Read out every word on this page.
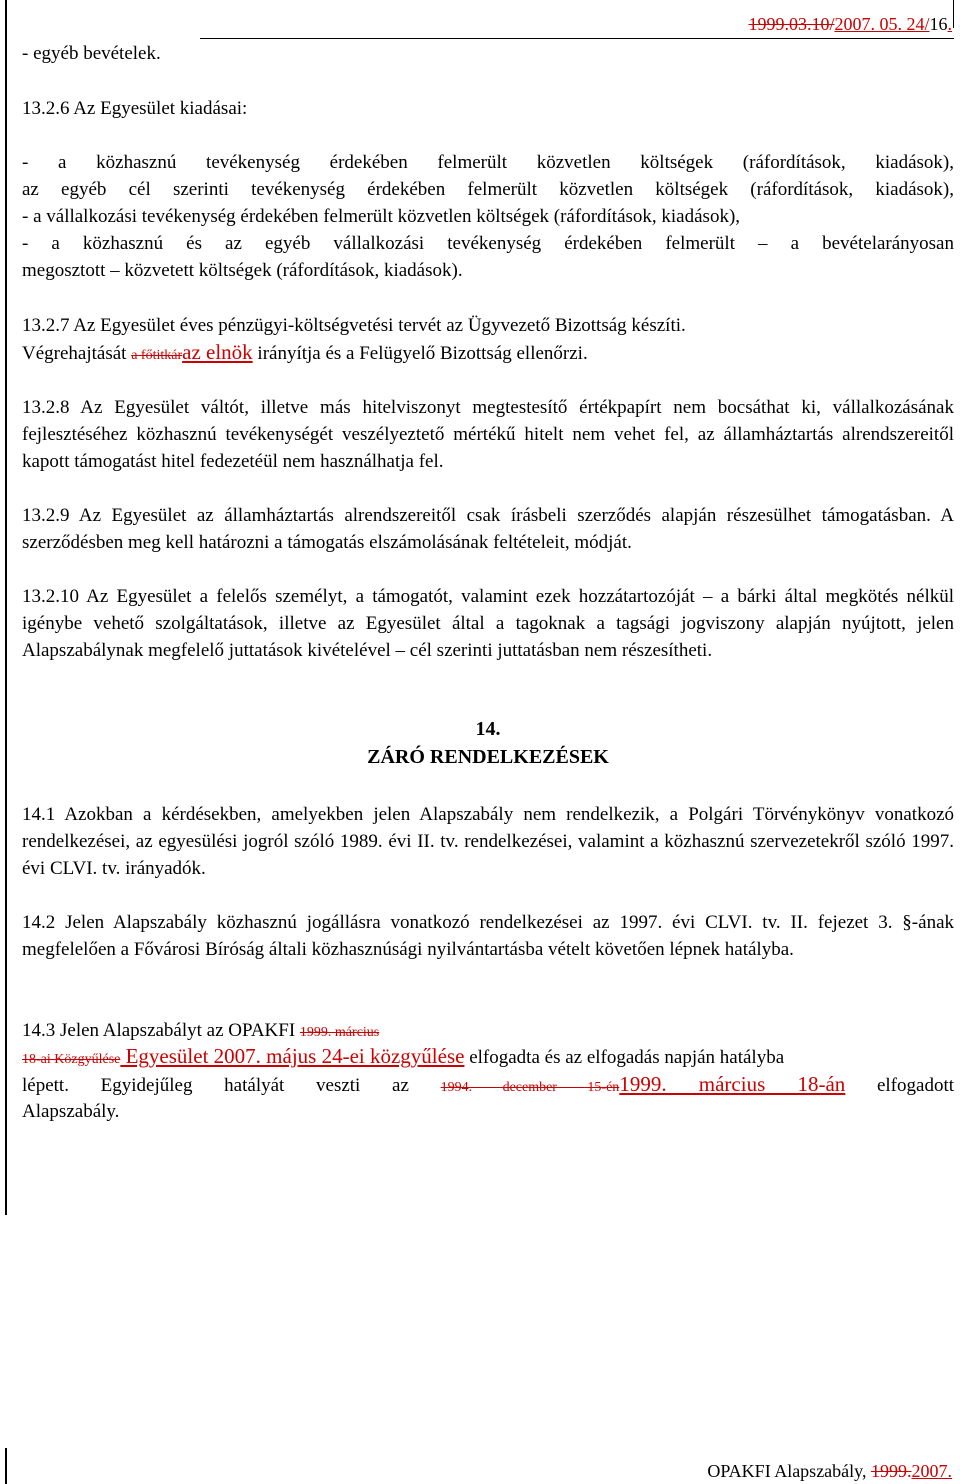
1999.03.10/2007. 05. 24/16.
- egyéb bevételek.
13.2.6 Az Egyesület kiadásai:
- a közhasznú tevékenység érdekében felmerült közvetlen költségek (ráfordítások, kiadások),
az egyéb cél szerinti tevékenység érdekében felmerült közvetlen költségek (ráfordítások, kiadások),
- a vállalkozási tevékenység érdekében felmerült közvetlen költségek (ráfordítások, kiadások),
- a közhasznú és az egyéb vállalkozási tevékenység érdekében felmerült – a bevételarányosan
megosztott – közvetett költségek (ráfordítások, kiadások).
13.2.7 Az Egyesület éves pénzügyi-költségvetési tervét az Ügyvezető Bizottság készíti.
Végrehajtását a főtitkáraz elnök irányítja és a Felügyelő Bizottság ellenőrzi.
13.2.8 Az Egyesület váltót, illetve más hitelviszonyt megtestesítő értékpapírt nem bocsáthat ki, vállalkozásának fejlesztéséhez közhasznú tevékenységét veszélyeztető mértékű hitelt nem vehet fel, az államháztartás alrendszereitől kapott támogatást hitel fedezetéül nem használhatja fel.
13.2.9 Az Egyesület az államháztartás alrendszereitől csak írásbeli szerződés alapján részesülhet támogatásban. A szerződésben meg kell határozni a támogatás elszámolásának feltételeit, módját.
13.2.10 Az Egyesület a felelős személyt, a támogatót, valamint ezek hozzátartozóját – a bárki által megkötés nélkül igénybe vehető szolgáltatások, illetve az Egyesület által a tagoknak a tagsági jogviszony alapján nyújtott, jelen Alapszabálynak megfelelő juttatások kivételével – cél szerinti juttatásban nem részesítheti.
14.
ZÁRÓ RENDELKEZÉSEK
14.1 Azokban a kérdésekben, amelyekben jelen Alapszabály nem rendelkezik, a Polgári Törvénykönyv vonatkozó rendelkezései, az egyesülési jogról szóló 1989. évi II. tv. rendelkezései, valamint a közhasznú szervezetekről szóló 1997. évi CLVI. tv. irányadók.
14.2 Jelen Alapszabály közhasznú jogállásra vonatkozó rendelkezései az 1997. évi CLVI. tv. II. fejezet 3. §-ának megfelelően a Fővárosi Bíróság általi közhasznúsági nyilvántartásba vételt követően lépnek hatályba.
14.3 Jelen Alapszabályt az OPAKFI 1999. március
18-ai Közgyűlése Egyesület 2007. május 24-ei közgyűlése elfogadta és az elfogadás napján hatályba
lépett. Egyidejűleg hatályát veszti az 1994. december 15-én1999. március 18-án elfogadott
Alapszabály.
OPAKFI Alapszabály, 1999.2007.
